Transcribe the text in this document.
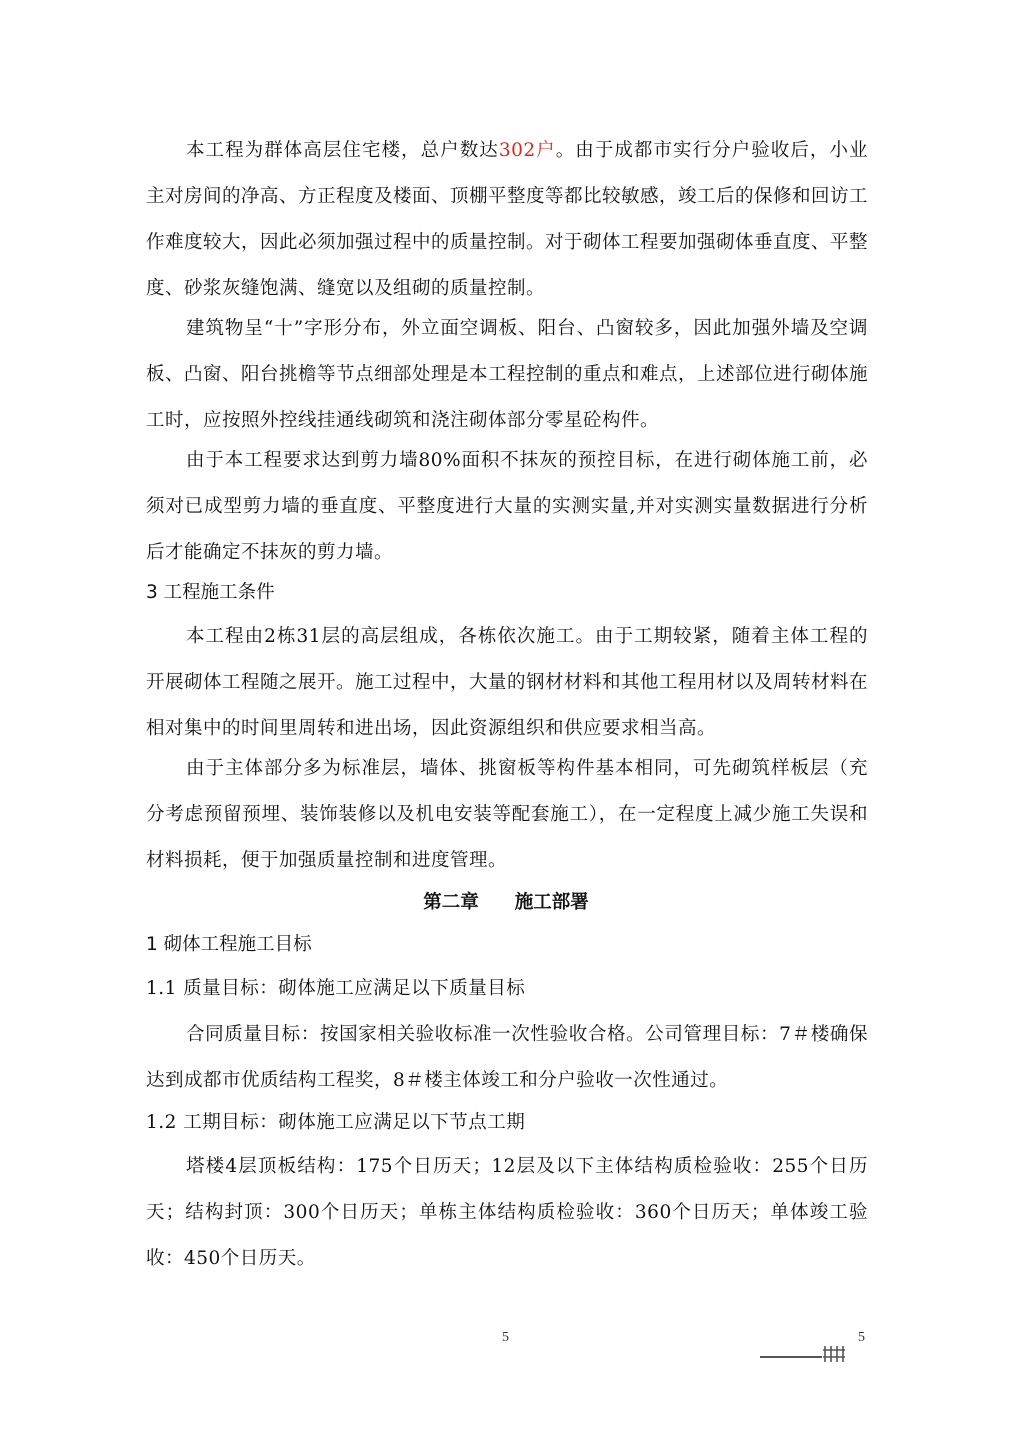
本工程为群体高层住宅楼，总户数达302户。由于成都市实行分户验收后，小业主对房间的净高、方正程度及楼面、顶棚平整度等都比较敏感，竣工后的保修和回访工作难度较大，因此必须加强过程中的质量控制。对于砌体工程要加强砌体垂直度、平整度、砂浆灰缝饱满、缝宽以及组砌的质量控制。

建筑物呈“十”字形分布，外立面空调板、阳台、凸窗较多，因此加强外墙及空调板、凸窗、阳台挑檐等节点细部处理是本工程控制的重点和难点，上述部位进行砌体施工时，应按照外控线挂通线砌筑和浇注砌体部分零星砼构件。

由于本工程要求达到剪力墙80%面积不抹灰的预控目标，在进行砌体施工前，必须对已成型剪力墙的垂直度、平整度进行大量的实测实量,并对实测实量数据进行分析后才能确定不抹灰的剪力墙。

3 工程施工条件

本工程由2栋31层的高层组成，各栋依次施工。由于工期较紧，随着主体工程的开展砌体工程随之展开。施工过程中，大量的钢材材料和其他工程用材以及周转材料在相对集中的时间里周转和进出场，因此资源组织和供应要求相当高。

由于主体部分多为标准层，墙体、挑窗板等构件基本相同，可先砌筑样板层（充分考虑预留预埋、装饰装修以及机电安装等配套施工），在一定程度上减少施工失误和材料损耗，便于加强质量控制和进度管理。

第二章 施工部署

1 砌体工程施工目标

1.1 质量目标：砌体施工应满足以下质量目标

合同质量目标：按国家相关验收标准一次性验收合格。公司管理目标：7＃楼确保达到成都市优质结构工程奖，8＃楼主体竣工和分户验收一次性通过。

1.2 工期目标：砌体施工应满足以下节点工期

塔楼4层顶板结构：175个日历天；12层及以下主体结构质检验收：255个日历天；结构封顶：300个日历天；单栋主体结构质检验收：360个日历天；单体竣工验收：450个日历天。

5	5
